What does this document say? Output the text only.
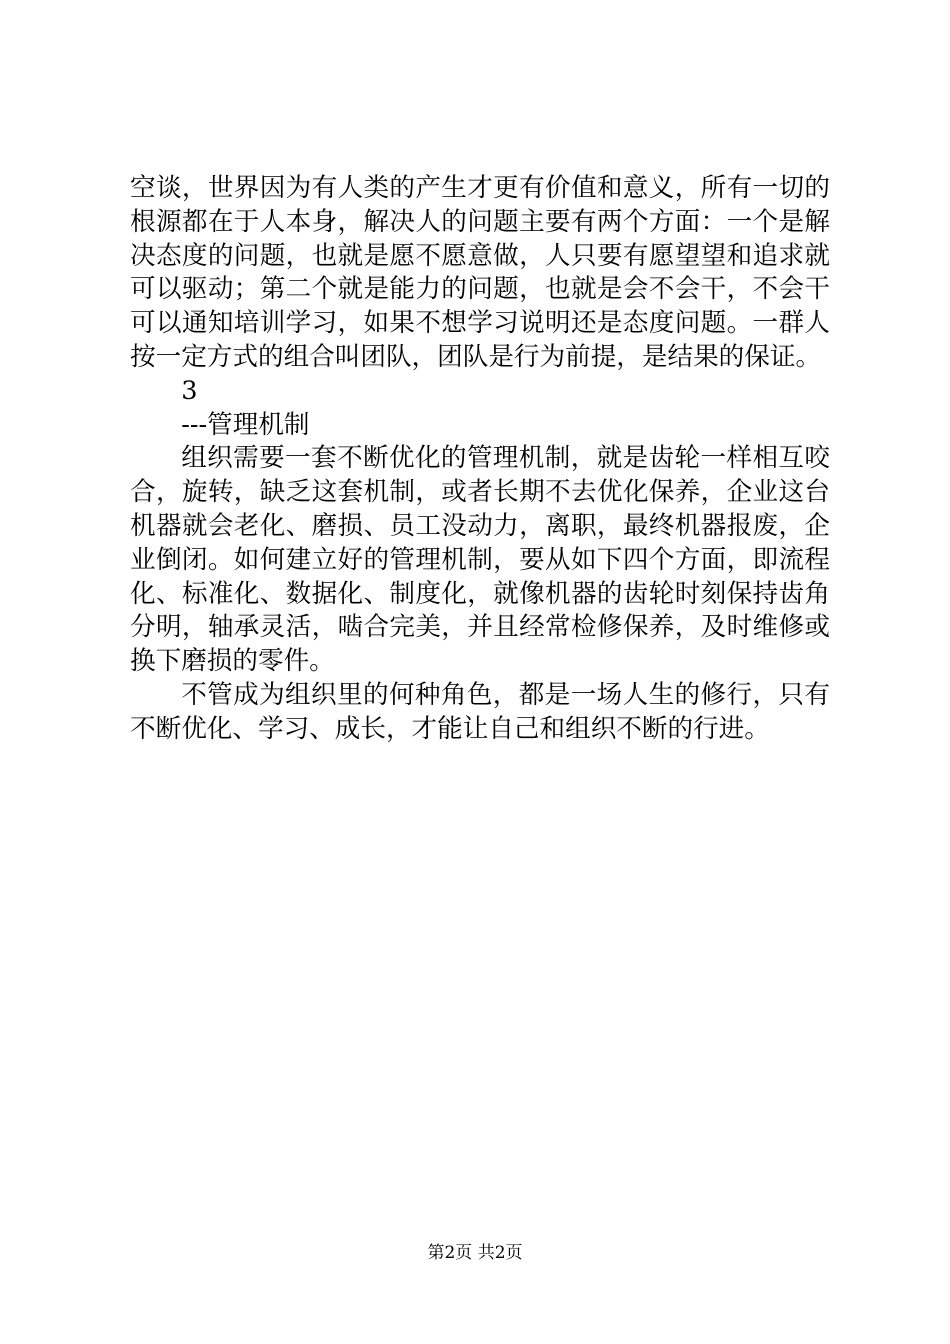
空谈，世界因为有人类的产生才更有价值和意义，所有一切的
根源都在于人本身，解决人的问题主要有两个方面：一个是解
决态度的问题，也就是愿不愿意做，人只要有愿望望和追求就
可以驱动；第二个就是能力的问题，也就是会不会干，不会干
可以通知培训学习，如果不想学习说明还是态度问题。一群人
按一定方式的组合叫团队，团队是行为前提，是结果的保证。

3

---管理机制

组织需要一套不断优化的管理机制，就是齿轮一样相互咬
合，旋转，缺乏这套机制，或者长期不去优化保养，企业这台
机器就会老化、磨损、员工没动力，离职，最终机器报废，企
业倒闭。如何建立好的管理机制，要从如下四个方面，即流程
化、标准化、数据化、制度化，就像机器的齿轮时刻保持齿角
分明，轴承灵活，啮合完美，并且经常检修保养，及时维修或
换下磨损的零件。

不管成为组织里的何种角色，都是一场人生的修行，只有
不断优化、学习、成长，才能让自己和组织不断的行进。

第2页 共2页
